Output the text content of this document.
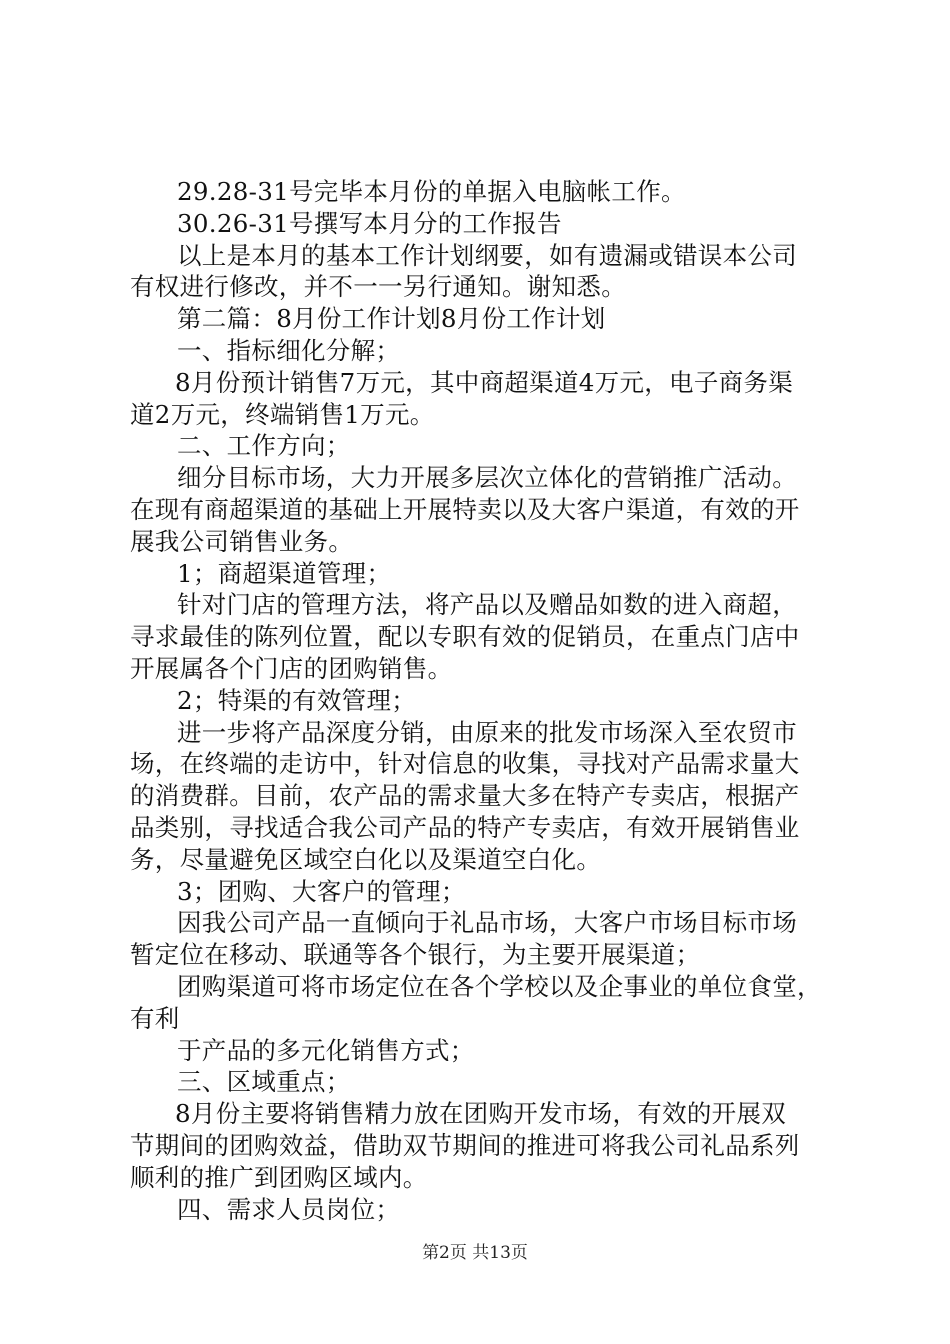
29.28-31号完毕本月份的单据入电脑帐工作。
30.26-31号撰写本月分的工作报告
以上是本月的基本工作计划纲要，如有遗漏或错误本公司
有权进行修改，并不一一另行通知。谢知悉。
第二篇：8月份工作计划8月份工作计划
一、指标细化分解；
8月份预计销售7万元，其中商超渠道4万元，电子商务渠
道2万元，终端销售1万元。
二、工作方向；
细分目标市场，大力开展多层次立体化的营销推广活动。
在现有商超渠道的基础上开展特卖以及大客户渠道，有效的开
展我公司销售业务。
1；商超渠道管理；
针对门店的管理方法，将产品以及赠品如数的进入商超，
寻求最佳的陈列位置，配以专职有效的促销员，在重点门店中
开展属各个门店的团购销售。
2；特渠的有效管理；
进一步将产品深度分销，由原来的批发市场深入至农贸市
场，在终端的走访中，针对信息的收集，寻找对产品需求量大
的消费群。目前，农产品的需求量大多在特产专卖店，根据产
品类别，寻找适合我公司产品的特产专卖店，有效开展销售业
务，尽量避免区域空白化以及渠道空白化。
3；团购、大客户的管理；
因我公司产品一直倾向于礼品市场，大客户市场目标市场
暂定位在移动、联通等各个银行，为主要开展渠道；
团购渠道可将市场定位在各个学校以及企事业的单位食堂，
有利
于产品的多元化销售方式；
三、区域重点；
8月份主要将销售精力放在团购开发市场，有效的开展双
节期间的团购效益，借助双节期间的推进可将我公司礼品系列
顺利的推广到团购区域内。
四、需求人员岗位；
第2页 共13页
